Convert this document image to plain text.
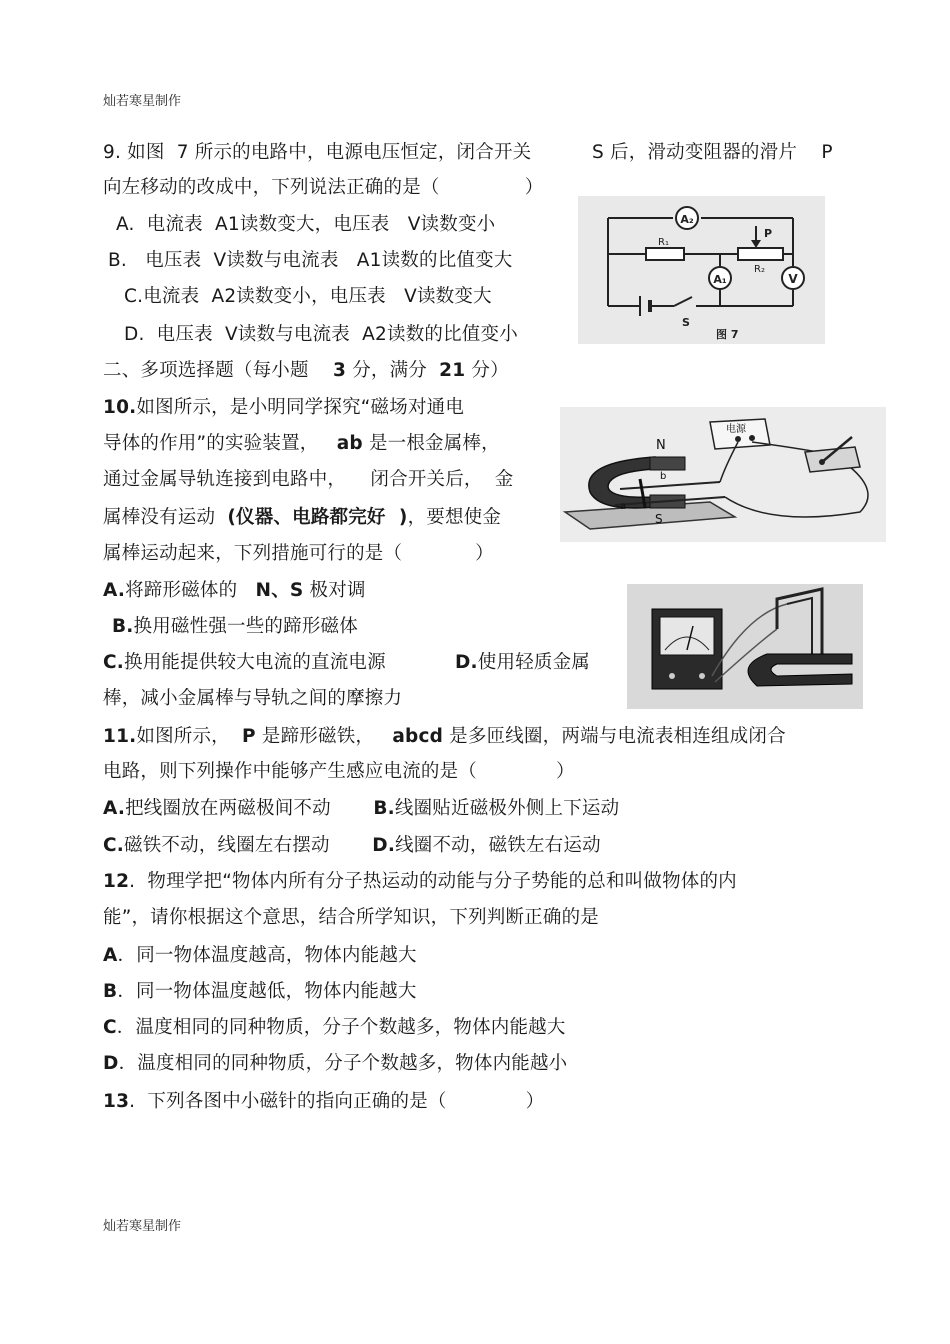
灿若寒星制作
9. 如图  7 所示的电路中，电源电压恒定，闭合开关	S 后，滑动变阻器的滑片    P
向左移动的改成中，下列说法正确的是（              ）
A.  电流表  A1读数变大，电压表   V读数变小
B.   电压表  V读数与电流表   A1读数的比值变大
C.电流表  A2读数变小，电压表   V读数变大
D.  电压表  V读数与电流表  A2读数的比值变小
A₂
A₁	V
R₁
R₂
P
S
图 7
二、多项选择题（每小题    3 分，满分  21 分）
10.如图所示，是小明同学探究“磁场对通电
导体的作用”的实验装置，   ab 是一根金属棒，
通过金属导轨连接到电路中，    闭合开关后，  金
属棒没有运动  (仪器、电路都完好  )，要想使金
属棒运动起来，下列措施可行的是（            ）
A.将蹄形磁体的   N、S 极对调
B.换用磁性强一些的蹄形磁体
C.换用能提供较大电流的直流电源	D.使用轻质金属
棒，减小金属棒与导轨之间的摩擦力
N
S
a
b
电源
11.如图所示，  P 是蹄形磁铁，   abcd 是多匝线圈，两端与电流表相连组成闭合
电路，则下列操作中能够产生感应电流的是（             ）
A.把线圈放在两磁极间不动       B.线圈贴近磁极外侧上下运动
C.磁铁不动，线圈左右摆动       D.线圈不动，磁铁左右运动
12.  物理学把“物体内所有分子热运动的动能与分子势能的总和叫做物体的内
能”，请你根据这个意思，结合所学知识，下列判断正确的是
A．同一物体温度越高，物体内能越大
B．同一物体温度越低，物体内能越大
C．温度相同的同种物质，分子个数越多，物体内能越大
D．温度相同的同种物质，分子个数越多，物体内能越小
13.  下列各图中小磁针的指向正确的是（             ）
灿若寒星制作
